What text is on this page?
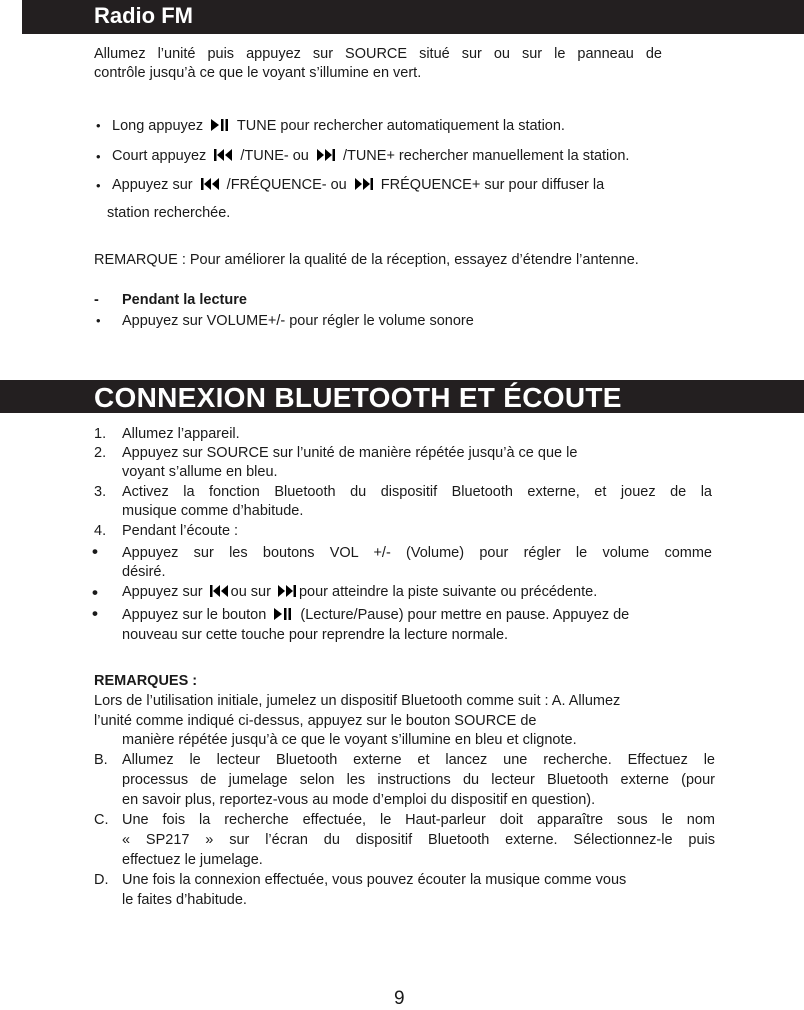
Radio FM
Allumez l’unité puis appuyez sur SOURCE situé sur ou sur le panneau de
contrôle jusqu’à ce que le voyant s’illumine en vert.
• Long appuyez TUNE pour rechercher automatiquement la station.
• Court appuyez /TUNE- ou /TUNE+ rechercher manuellement la station.
• Appuyez sur /FRÉQUENCE- ou FRÉQUENCE+ sur pour diffuser la
station recherchée.
REMARQUE : Pour améliorer la qualité de la réception, essayez d’étendre l’antenne.
- Pendant la lecture
• Appuyez sur VOLUME+/- pour régler le volume sonore
CONNEXION BLUETOOTH ET ÉCOUTE
1. Allumez l’appareil.
2. Appuyez sur SOURCE sur l’unité de manière répétée jusqu’à ce que le
voyant s’allume en bleu.
3. Activez la fonction Bluetooth du dispositif Bluetooth externe, et jouez de la
musique comme d’habitude.
4. Pendant l’écoute :
• Appuyez sur les boutons VOL +/- (Volume) pour régler le volume comme
désiré.
• Appuyez sur ou sur pour atteindre la piste suivante ou précédente.
• Appuyez sur le bouton (Lecture/Pause) pour mettre en pause. Appuyez de
nouveau sur cette touche pour reprendre la lecture normale.
REMARQUES :
Lors de l’utilisation initiale, jumelez un dispositif Bluetooth comme suit : A. Allumez
l’unité comme indiqué ci-dessus, appuyez sur le bouton SOURCE de
manière répétée jusqu’à ce que le voyant s’illumine en bleu et clignote.
B. Allumez le lecteur Bluetooth externe et lancez une recherche. Effectuez le
processus de jumelage selon les instructions du lecteur Bluetooth externe (pour
en savoir plus, reportez-vous au mode d’emploi du dispositif en question).
C. Une fois la recherche effectuée, le Haut-parleur doit apparaître sous le nom
« SP217 » sur l’écran du dispositif Bluetooth externe. Sélectionnez-le puis
effectuez le jumelage.
D. Une fois la connexion effectuée, vous pouvez écouter la musique comme vous
le faites d’habitude.
9
